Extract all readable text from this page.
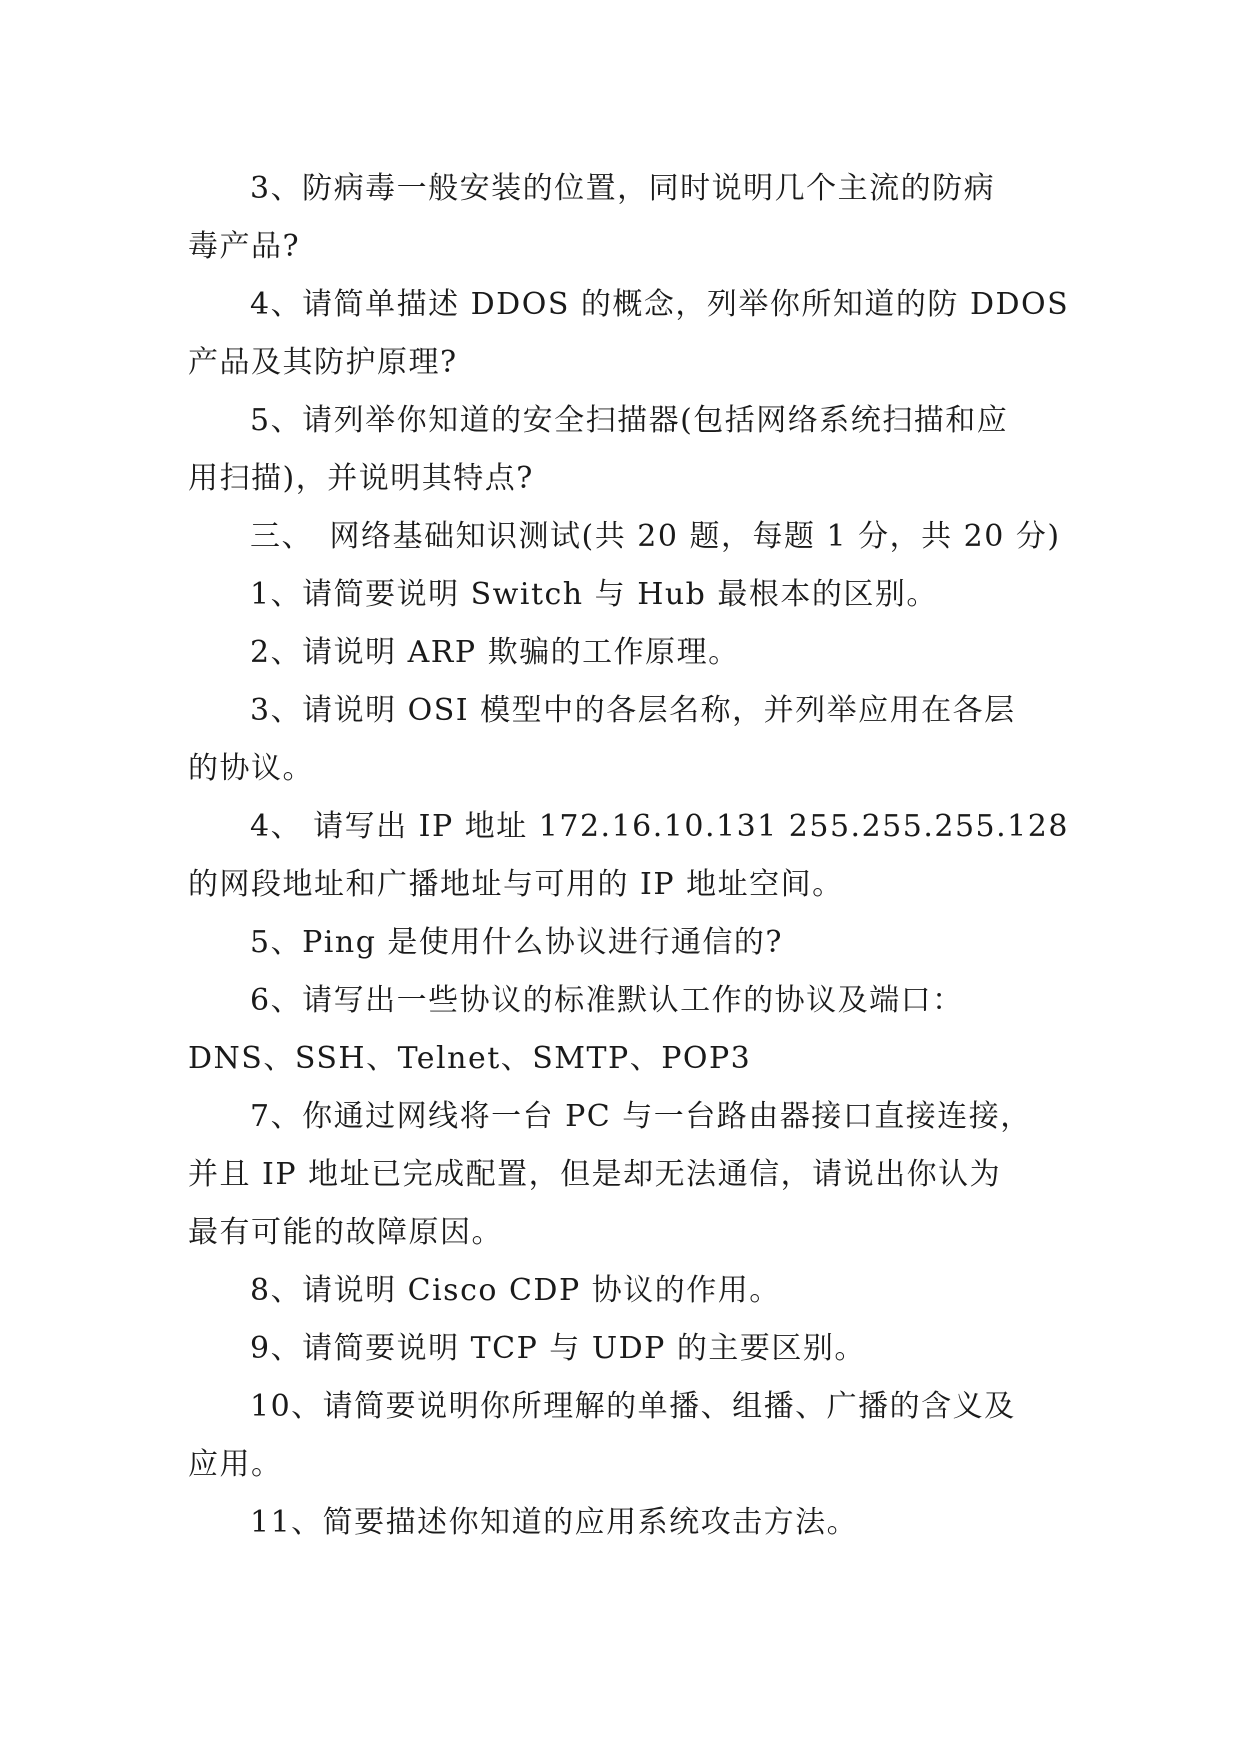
3、防病毒一般安装的位置，同时说明几个主流的防病
毒产品?
4、请简单描述 DDOS 的概念，列举你所知道的防 DDOS
产品及其防护原理?
5、请列举你知道的安全扫描器(包括网络系统扫描和应
用扫描)，并说明其特点?
三、　网络基础知识测试(共 20 题，每题 1 分，共 20 分)
1、请简要说明 Switch 与 Hub 最根本的区别。
2、请说明 ARP 欺骗的工作原理。
3、请说明 OSI 模型中的各层名称，并列举应用在各层
的协议。
4、 请写出 IP 地址 172.16.10.131 255.255.255.128
的网段地址和广播地址与可用的 IP 地址空间。
5、Ping 是使用什么协议进行通信的?
6、请写出一些协议的标准默认工作的协议及端口：
DNS、SSH、Telnet、SMTP、POP3
7、你通过网线将一台 PC 与一台路由器接口直接连接，
并且 IP 地址已完成配置，但是却无法通信，请说出你认为
最有可能的故障原因。
8、请说明 Cisco CDP 协议的作用。
9、请简要说明 TCP 与 UDP 的主要区别。
10、请简要说明你所理解的单播、组播、广播的含义及
应用。
11、简要描述你知道的应用系统攻击方法。
